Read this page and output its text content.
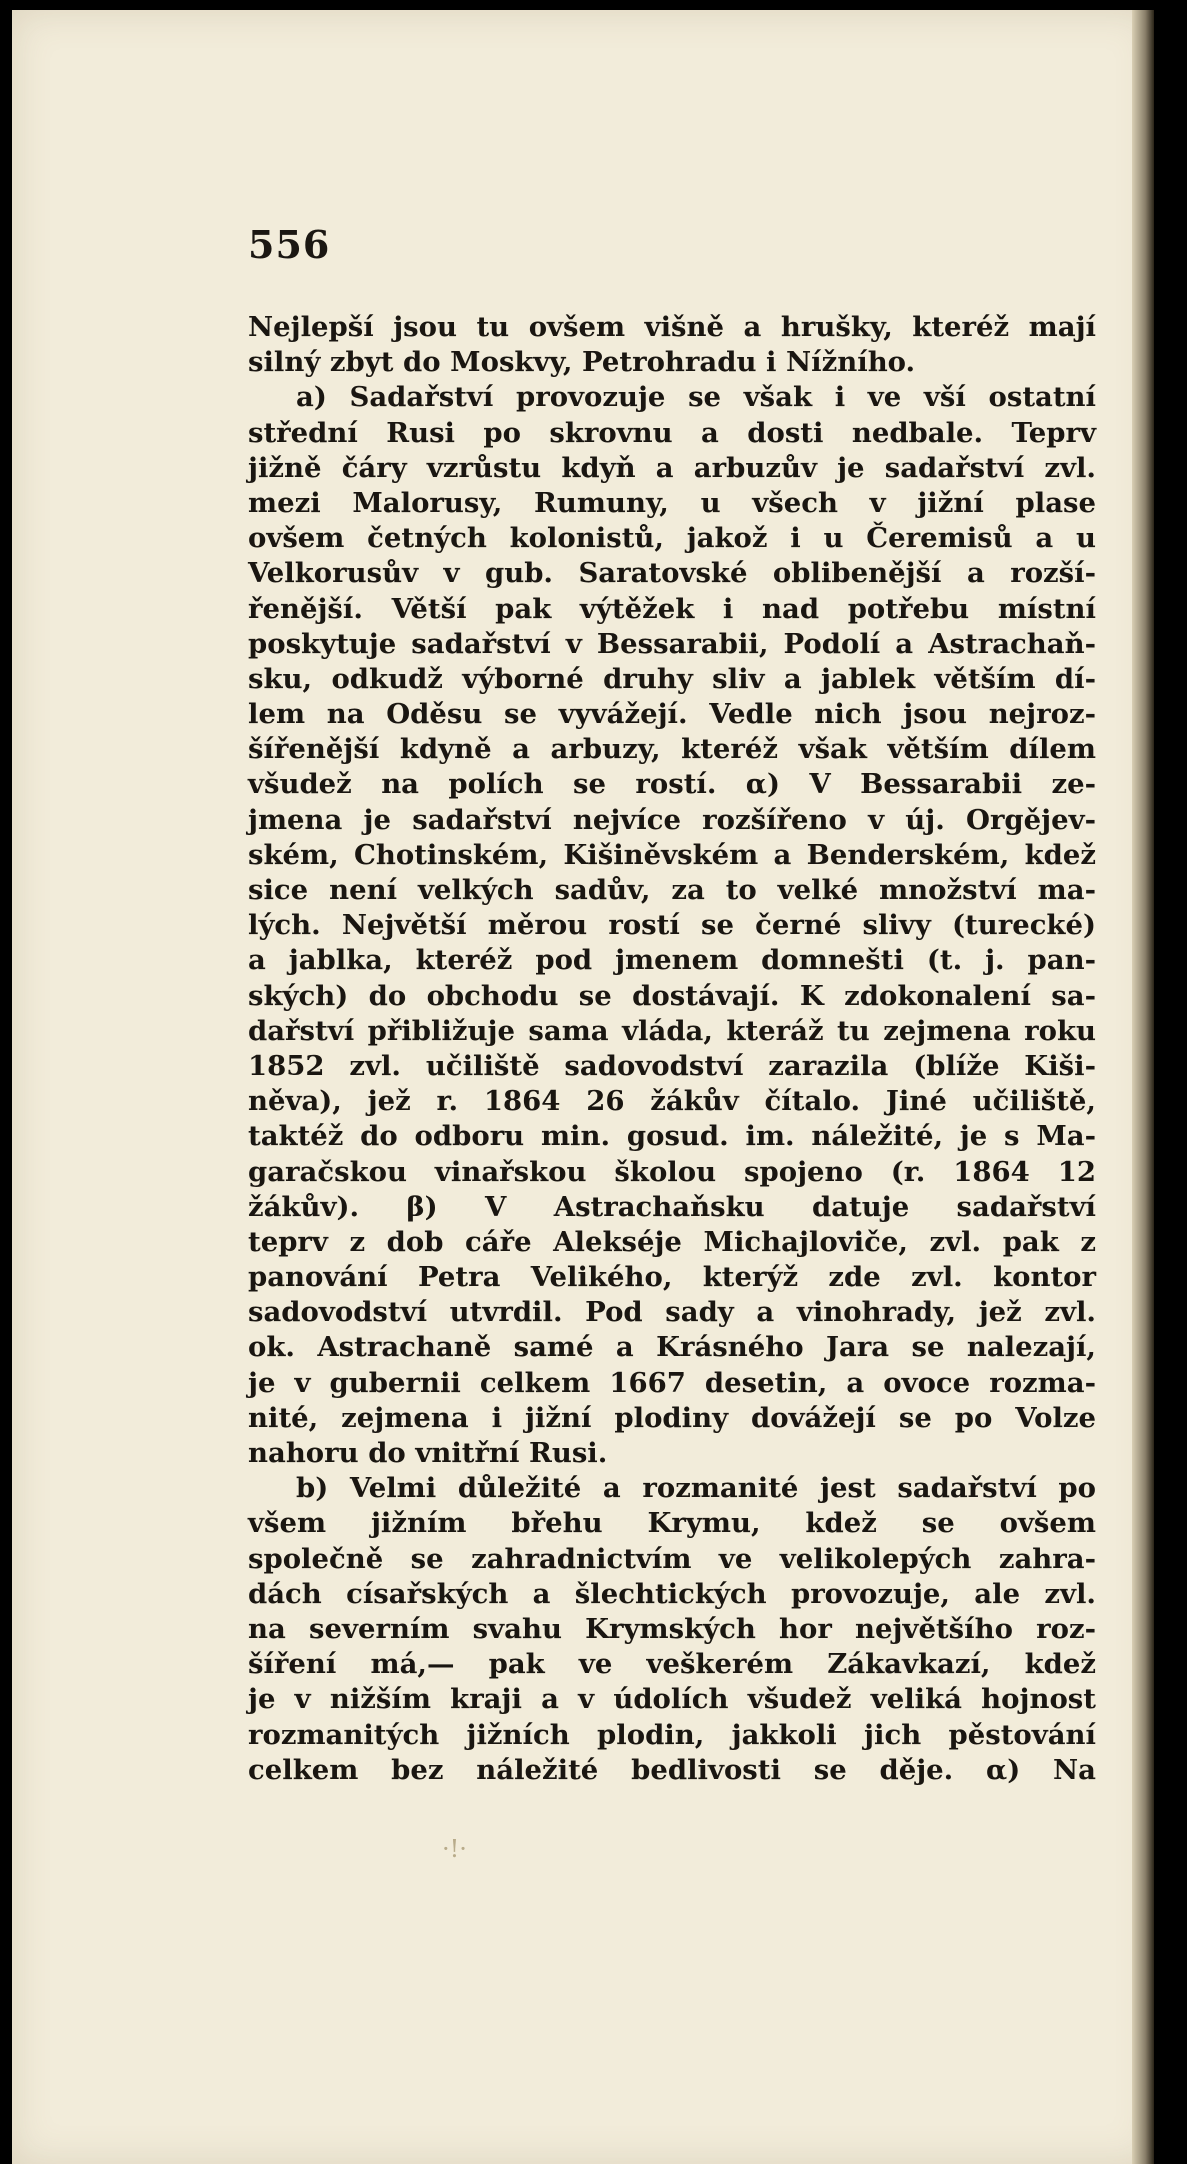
556
Nejlepší jsou tu ovšem višně a hrušky, kteréž mají
silný zbyt do Moskvy, Petrohradu i Nížního.
a) Sadařství provozuje se však i ve vší ostatní
střední Rusi po skrovnu a dosti nedbale. Teprv
jižně čáry vzrůstu kdyň a arbuzův je sadařství zvl.
mezi Malorusy, Rumuny, u všech v jižní plase
ovšem četných kolonistů, jakož i u Čeremisů a u
Velkorusův v gub. Saratovské oblibenější a rozší-
řenější. Větší pak výtěžek i nad potřebu místní
poskytuje sadařství v Bessarabii, Podolí a Astrachaň-
sku, odkudž výborné druhy sliv a jablek větším dí-
lem na Oděsu se vyvážejí. Vedle nich jsou nejroz-
šířenější kdyně a arbuzy, kteréž však větším dílem
všudež na polích se rostí. α) V Bessarabii ze-
jmena je sadařství nejvíce rozšířeno v új. Orgějev-
ském, Chotinském, Kišiněvském a Benderském, kdež
sice není velkých sadův, za to velké množství ma-
lých. Největší měrou rostí se černé slivy (turecké)
a jablka, kteréž pod jmenem domnešti (t. j. pan-
ských) do obchodu se dostávají. K zdokonalení sa-
dařství přibližuje sama vláda, kteráž tu zejmena roku
1852 zvl. učiliště sadovodství zarazila (blíže Kiši-
něva), jež r. 1864 26 žákův čítalo. Jiné učiliště,
taktéž do odboru min. gosud. im. náležité, je s Ma-
garačskou vinařskou školou spojeno (r. 1864 12
žákův). β) V Astrachaňsku datuje sadařství
teprv z dob cáře Alekséje Michajloviče, zvl. pak z
panování Petra Velikého, kterýž zde zvl. kontor
sadovodství utvrdil. Pod sady a vinohrady, jež zvl.
ok. Astrachaně samé a Krásného Jara se nalezají,
je v gubernii celkem 1667 desetin, a ovoce rozma-
nité, zejmena i jižní plodiny dovážejí se po Volze
nahoru do vnitřní Rusi.
b) Velmi důležité a rozmanité jest sadařství po
všem jižním břehu Krymu, kdež se ovšem
společně se zahradnictvím ve velikolepých zahra-
dách císařských a šlechtických provozuje, ale zvl.
na severním svahu Krymských hor největšího roz-
šíření má,— pak ve veškerém Zákavkazí, kdež
je v nižším kraji a v údolích všudež veliká hojnost
rozmanitých jižních plodin, jakkoli jich pěstování
celkem bez náležité bedlivosti se děje. α) Na
·!·
